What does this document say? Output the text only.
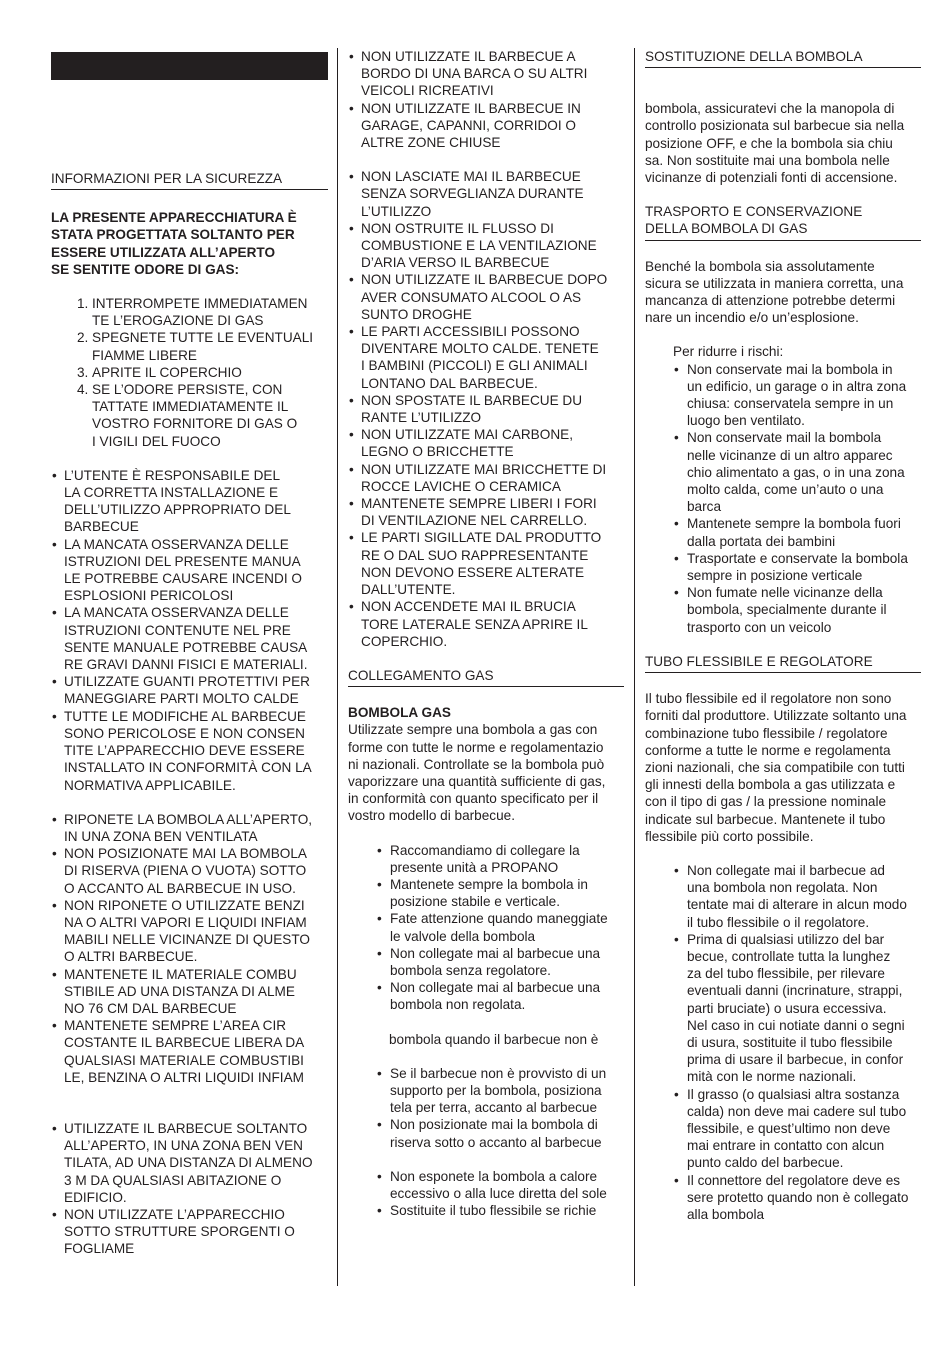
INFORMAZIONI PER LA SICUREZZA
LA PRESENTE APPARECCHIATURA È
STATA PROGETTATA SOLTANTO PER
ESSERE UTILIZZATA ALL’APERTO
SE SENTITE ODORE DI GAS:
1. INTERROMPETE IMMEDIATAMEN
TE L’EROGAZIONE DI GAS
2. SPEGNETE TUTTE LE EVENTUALI
FIAMME LIBERE
3. APRITE IL COPERCHIO
4. SE L’ODORE PERSISTE, CON
TATTATE IMMEDIATAMENTE IL
VOSTRO FORNITORE DI GAS O
I VIGILI DEL FUOCO
• L’UTENTE È RESPONSABILE DEL
LA CORRETTA INSTALLAZIONE E
DELL’UTILIZZO APPROPRIATO DEL
BARBECUE
• LA MANCATA OSSERVANZA DELLE
ISTRUZIONI DEL PRESENTE MANUA
LE POTREBBE CAUSARE INCENDI O
ESPLOSIONI PERICOLOSI
• LA MANCATA OSSERVANZA DELLE
ISTRUZIONI CONTENUTE NEL PRE
SENTE MANUALE POTREBBE CAUSA
RE GRAVI DANNI FISICI E MATERIALI.
• UTILIZZATE GUANTI PROTETTIVI PER
MANEGGIARE PARTI MOLTO CALDE
• TUTTE LE MODIFICHE AL BARBECUE
SONO PERICOLOSE E NON CONSEN
TITE L’APPARECCHIO DEVE ESSERE
INSTALLATO IN CONFORMITÀ CON LA
NORMATIVA APPLICABILE.
• RIPONETE LA BOMBOLA ALL’APERTO,
IN UNA ZONA BEN VENTILATA
• NON POSIZIONATE MAI LA BOMBOLA
DI RISERVA (PIENA O VUOTA) SOTTO
O ACCANTO AL BARBECUE IN USO.
• NON RIPONETE O UTILIZZATE BENZI
NA O ALTRI VAPORI E LIQUIDI INFIAM
MABILI NELLE VICINANZE DI QUESTO
O ALTRI BARBECUE.
• MANTENETE IL MATERIALE COMBU
STIBILE AD UNA DISTANZA DI ALME
NO 76 CM DAL BARBECUE
• MANTENETE SEMPRE L’AREA CIR
COSTANTE IL BARBECUE LIBERA DA
QUALSIASI MATERIALE COMBUSTIBI
LE, BENZINA O ALTRI LIQUIDI INFIAM
• UTILIZZATE IL BARBECUE SOLTANTO
ALL’APERTO, IN UNA ZONA BEN VEN
TILATA, AD UNA DISTANZA DI ALMENO
3 M DA QUALSIASI ABITAZIONE O
EDIFICIO.
• NON UTILIZZATE L’APPARECCHIO
SOTTO STRUTTURE SPORGENTI O
FOGLIAME
• NON UTILIZZATE IL BARBECUE A
BORDO DI UNA BARCA O SU ALTRI
VEICOLI RICREATIVI
• NON UTILIZZATE IL BARBECUE IN
GARAGE, CAPANNI, CORRIDOI O
ALTRE ZONE CHIUSE
• NON LASCIATE MAI IL BARBECUE
SENZA SORVEGLIANZA DURANTE
L’UTILIZZO
• NON OSTRUITE IL FLUSSO DI
COMBUSTIONE E LA VENTILAZIONE
D’ARIA VERSO IL BARBECUE
• NON UTILIZZATE IL BARBECUE DOPO
AVER CONSUMATO ALCOOL O AS
SUNTO DROGHE
• LE PARTI ACCESSIBILI POSSONO
DIVENTARE MOLTO CALDE. TENETE
I BAMBINI (PICCOLI) E GLI ANIMALI
LONTANO DAL BARBECUE.
• NON SPOSTATE IL BARBECUE DU
RANTE L’UTILIZZO
• NON UTILIZZATE MAI CARBONE,
LEGNO O BRICCHETTE
• NON UTILIZZATE MAI BRICCHETTE DI
ROCCE LAVICHE O CERAMICA
• MANTENETE SEMPRE LIBERI I FORI
DI VENTILAZIONE NEL CARRELLO.
• LE PARTI SIGILLATE DAL PRODUTTO
RE O DAL SUO RAPPRESENTANTE
NON DEVONO ESSERE ALTERATE
DALL’UTENTE.
• NON ACCENDETE MAI IL BRUCIA
TORE LATERALE SENZA APRIRE IL
COPERCHIO.
COLLEGAMENTO GAS
BOMBOLA GAS
Utilizzate sempre una bombola a gas con
forme con tutte le norme e regolamentazio
ni nazionali. Controllate se la bombola può
vaporizzare una quantità sufficiente di gas,
in conformità con quanto specificato per il
vostro modello di barbecue.
• Raccomandiamo di collegare la
presente unità a PROPANO
• Mantenete sempre la bombola in
posizione stabile e verticale.
• Fate attenzione quando maneggiate
le valvole della bombola
• Non collegate mai al barbecue una
bombola senza regolatore.
• Non collegate mai al barbecue una
bombola non regolata.
bombola quando il barbecue non è
• Se il barbecue non è provvisto di un
supporto per la bombola, posiziona
tela per terra, accanto al barbecue
• Non posizionate mai la bombola di
riserva sotto o accanto al barbecue
• Non esponete la bombola a calore
eccessivo o alla luce diretta del sole
• Sostituite il tubo flessibile se richie
SOSTITUZIONE DELLA BOMBOLA
bombola, assicuratevi che la manopola di
controllo posizionata sul barbecue sia nella
posizione OFF, e che la bombola sia chiu
sa. Non sostituite mai una bombola nelle
vicinanze di potenziali fonti di accensione.
TRASPORTO E CONSERVAZIONE
DELLA BOMBOLA DI GAS
Benché la bombola sia assolutamente
sicura se utilizzata in maniera corretta, una
mancanza di attenzione potrebbe determi
nare un incendio e/o un’esplosione.
Per ridurre i rischi:
• Non conservate mai la bombola in
un edificio, un garage o in altra zona
chiusa: conservatela sempre in un
luogo ben ventilato.
• Non conservate mail la bombola
nelle vicinanze di un altro apparec
chio alimentato a gas, o in una zona
molto calda, come un’auto o una
barca
• Mantenete sempre la bombola fuori
dalla portata dei bambini
• Trasportate e conservate la bombola
sempre in posizione verticale
• Non fumate nelle vicinanze della
bombola, specialmente durante il
trasporto con un veicolo
TUBO FLESSIBILE E REGOLATORE
Il tubo flessibile ed il regolatore non sono
forniti dal produttore. Utilizzate soltanto una
combinazione tubo flessibile / regolatore
conforme a tutte le norme e regolamenta
zioni nazionali, che sia compatibile con tutti
gli innesti della bombola a gas utilizzata e
con il tipo di gas / la pressione nominale
indicate sul barbecue. Mantenete il tubo
flessibile più corto possibile.
• Non collegate mai il barbecue ad
una bombola non regolata. Non
tentate mai di alterare in alcun modo
il tubo flessibile o il regolatore.
• Prima di qualsiasi utilizzo del bar
becue, controllate tutta la lunghez
za del tubo flessibile, per rilevare
eventuali danni (incrinature, strappi,
parti bruciate) o usura eccessiva.
Nel caso in cui notiate danni o segni
di usura, sostituite il tubo flessibile
prima di usare il barbecue, in confor
mità con le norme nazionali.
• Il grasso (o qualsiasi altra sostanza
calda) non deve mai cadere sul tubo
flessibile, e quest’ultimo non deve
mai entrare in contatto con alcun
punto caldo del barbecue.
• Il connettore del regolatore deve es
sere protetto quando non è collegato
alla bombola
